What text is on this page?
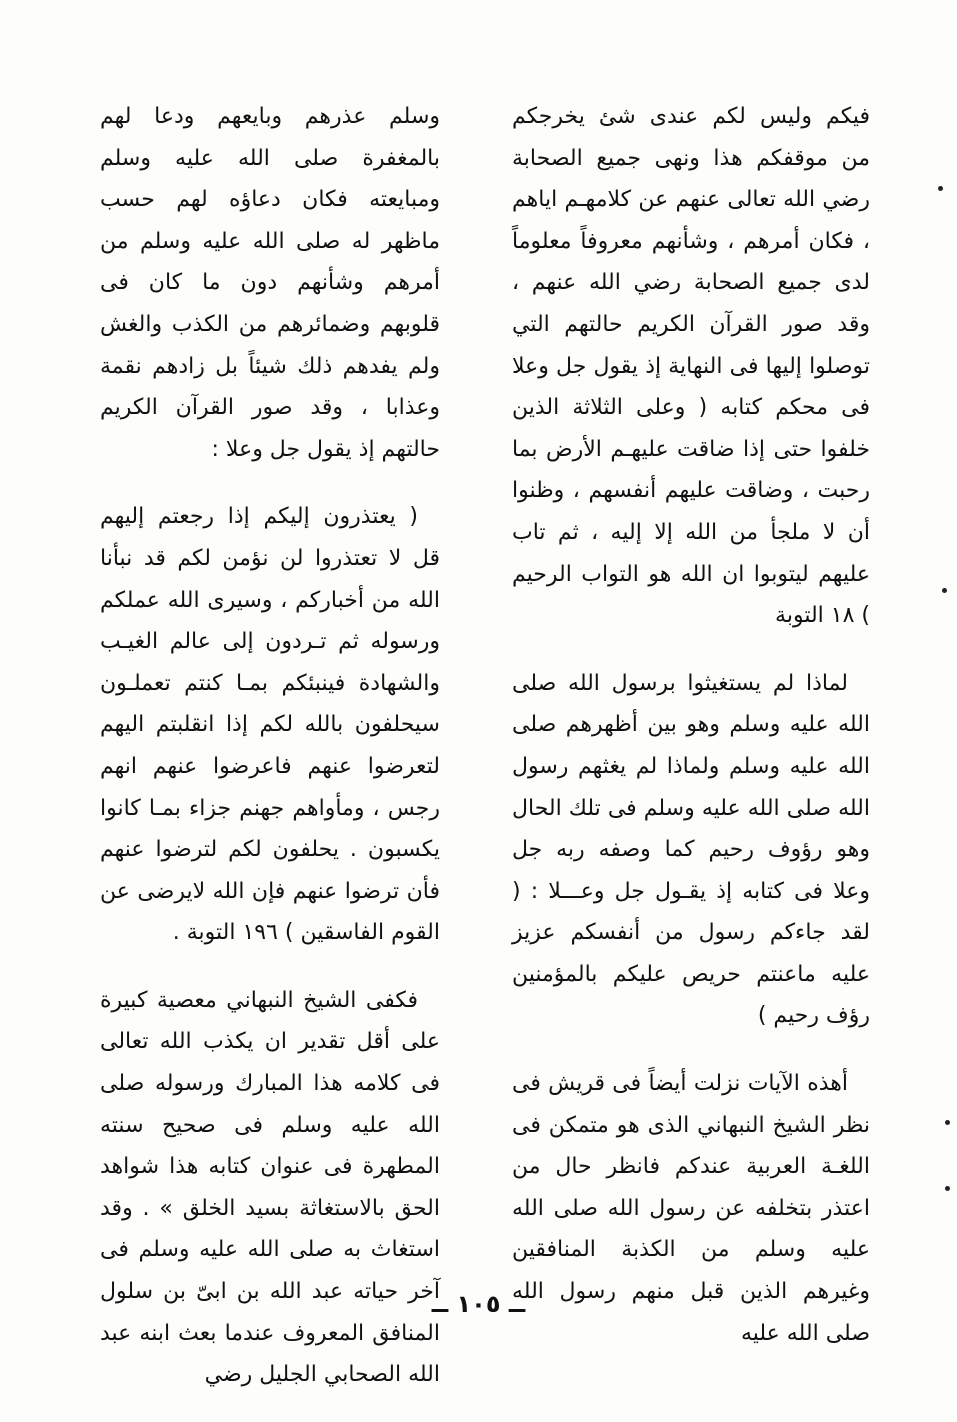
فيكم وليس لكم عندى شئ يخرجكم من موقفكم هذا ونهى جميع الصحابة رضي الله تعالى عنهم عن كلامهـم اياهم ، فكان أمرهم ، وشأنهم معروفاً معلوماً لدى جميع الصحابة رضي الله عنهم ، وقد صور القرآن الكريم حالتهم التي توصلوا إليها فى النهاية إذ يقول جل وعلا فى محكم كتابه ( وعلى الثلاثة الذين خلفوا حتى إذا ضاقت عليهـم الأرض بما رحبت ، وضاقت عليهم أنفسهم ، وظنوا أن لا ملجأ من الله إلا إليه ، ثم تاب عليهم ليتوبوا ان الله هو التواب الرحيم ) ١٨ التوبة

لماذا لم يستغيثوا برسول الله صلى الله عليه وسلم وهو بين أظهرهم صلى الله عليه وسلم ولماذا لم يغثهم رسول الله صلى الله عليه وسلم فى تلك الحال وهو رؤوف رحيم كما وصفه ربه جل وعلا فى كتابه إذ يقـول جل وعـــلا : ( لقد جاءكم رسول من أنفسكم عزيز عليه ماعنتم حريص عليكم بالمؤمنين رؤف رحيم )

أهذه الآيات نزلت أيضاً فى قريش فى نظر الشيخ النبهاني الذى هو متمكن فى اللغـة العربية عندكم فانظر حال من اعتذر بتخلفه عن رسول الله صلى الله عليه وسلم من الكذبة المنافقين وغيرهم الذين قبل منهم رسول الله صلى الله عليه

وسلم عذرهم وبايعهم ودعا لهم بالمغفرة صلى الله عليه وسلم ومبايعته فكان دعاؤه لهم حسب ماظهر له صلى الله عليه وسلم من أمرهم وشأنهم دون ما كان فى قلوبهم وضمائرهم من الكذب والغش ولم يفدهم ذلك شيئاً بل زادهم نقمة وعذابا ، وقد صور القرآن الكريم حالتهم إذ يقول جل وعلا :

( يعتذرون إليكم إذا رجعتم إليهم قل لا تعتذروا لن نؤمن لكم قد نبأنا الله من أخباركم ، وسيرى الله عملكم ورسوله ثم تـردون إلى عالم الغيـب والشهادة فينبئكم بمـا كنتم تعملـون سيحلفون بالله لكم إذا انقلبتم اليهم لتعرضوا عنهم فاعرضوا عنهم انهم رجس ، ومأواهم جهنم جزاء بمـا كانوا يكسبون . يحلفون لكم لترضوا عنهم فأن ترضوا عنهم فإن الله لايرضى عن القوم الفاسقين ) ١٩٦ التوبة .

فكفى الشيخ النبهاني معصية كبيرة على أقل تقدير ان يكذب الله تعالى فى كلامه هذا المبارك ورسوله صلى الله عليه وسلم فى صحيح سنته المطهرة فى عنوان كتابه هذا شواهد الحق بالاستغاثة بسيد الخلق » . وقد استغاث به صلى الله عليه وسلم فى آخر حياته عبد الله بن ابىّ بن سلول المنافق المعروف عندما بعث ابنه عبد الله الصحابي الجليل رضي

ــ ١٠٥ ــ
